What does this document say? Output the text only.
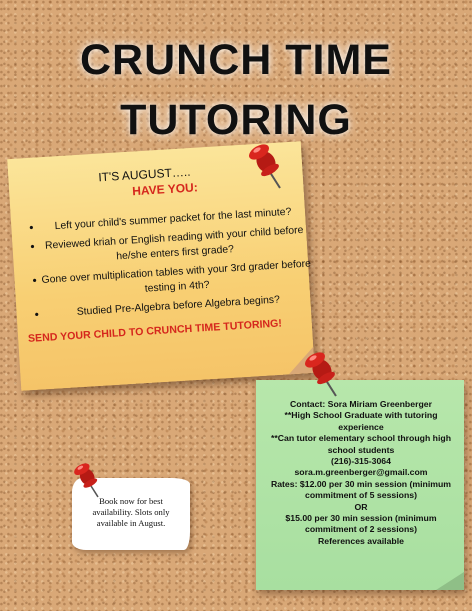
CRUNCH TIME
TUTORING
IT'S AUGUST…..
HAVE YOU:
• Left your child's summer packet for the last minute?
• Reviewed kriah or English reading with your child before he/she enters first grade?
• Gone over multiplication tables with your 3rd grader before testing in 4th?
• Studied Pre-Algebra before Algebra begins?
SEND YOUR CHILD TO CRUNCH TIME TUTORING!
Contact: Sora Miriam Greenberger
**High School Graduate with tutoring experience
**Can tutor elementary school through high school students
(216)-315-3064
sora.m.greenberger@gmail.com
Rates: $12.00 per 30 min session (minimum commitment of 5 sessions)
OR
$15.00 per 30 min session (minimum commitment of 2 sessions)
References available
Book now for best availability. Slots only available in August.
